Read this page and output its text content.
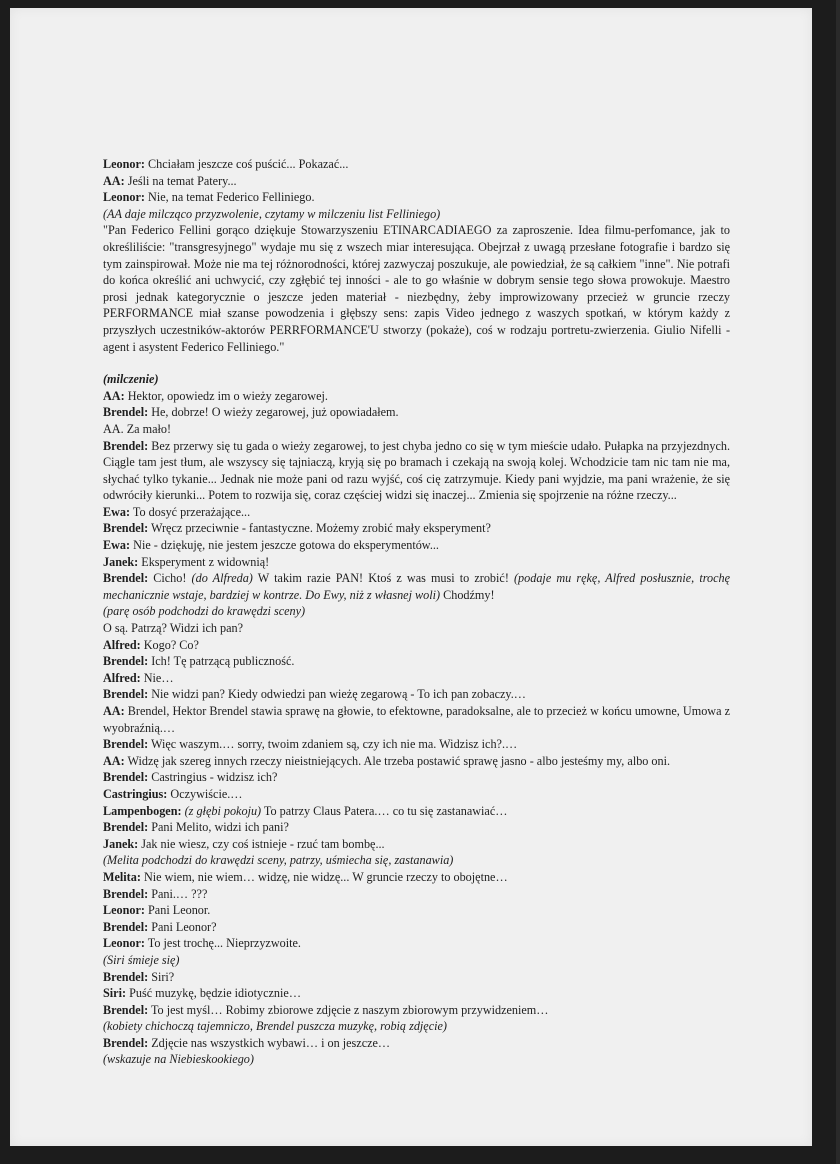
Leonor: Chciałam jeszcze coś puścić... Pokazać...

AA: Jeśli na temat Patery...

Leonor: Nie, na temat Federico Felliniego.

(AA daje milcząco przyzwolenie, czytamy w milczeniu list Felliniego)

"Pan Federico Fellini gorąco dziękuje Stowarzyszeniu ETINARCADIAEGO za zaproszenie. Idea filmu-perfomance, jak to określiliście: "transgresyjnego" wydaje mu się z wszech miar interesująca. Obejrzał z uwagą przesłane fotografie i bardzo się tym zainspirował. Może nie ma tej różnorodności, której zazwyczaj poszukuje, ale powiedział, że są całkiem "inne". Nie potrafi do końca określić ani uchwycić, czy zgłębić tej inności - ale to go właśnie w dobrym sensie tego słowa prowokuje. Maestro prosi jednak kategorycznie o jeszcze jeden materiał - niezbędny, żeby improwizowany przecież w gruncie rzeczy PERFORMANCE miał szanse powodzenia i głębszy sens: zapis Video jednego z waszych spotkań, w którym każdy z przyszłych uczestników-aktorów PERRFORMANCE'U stworzy (pokaże), coś w rodzaju portretu-zwierzenia. Giulio Nifelli - agent i asystent Federico Felliniego."

(milczenie)

AA: Hektor, opowiedz im o wieży zegarowej.

Brendel: He, dobrze! O wieży zegarowej, już opowiadałem.

AA. Za mało!

Brendel: Bez przerwy się tu gada o wieży zegarowej, to jest chyba jedno co się w tym mieście udało. Pułapka na przyjezdnych. Ciągle tam jest tłum, ale wszyscy się tajniaczą, kryją się po bramach i czekają na swoją kolej. Wchodzicie tam nic tam nie ma, słychać tylko tykanie... Jednak nie może pani od razu wyjść, coś cię zatrzymuje. Kiedy pani wyjdzie, ma pani wrażenie, że się odwróciły kierunki... Potem to rozwija się, coraz częściej widzi się inaczej... Zmienia się spojrzenie na różne rzeczy...

Ewa: To dosyć przerażające...

Brendel: Wręcz przeciwnie - fantastyczne. Możemy zrobić mały eksperyment?

Ewa: Nie - dziękuję, nie jestem jeszcze gotowa do eksperymentów...

Janek: Eksperyment z widownią!

Brendel: Cicho! (do Alfreda) W takim razie PAN! Ktoś z was musi to zrobić! (podaje mu rękę, Alfred posłusznie, trochę mechanicznie wstaje, bardziej w kontrze. Do Ewy, niż z własnej woli) Chodźmy!

(parę osób podchodzi do krawędzi sceny)

O są. Patrzą? Widzi ich pan?

Alfred: Kogo? Co?

Brendel: Ich! Tę patrzącą publiczność.

Alfred: Nie…

Brendel: Nie widzi pan? Kiedy odwiedzi pan wieżę zegarową - To ich pan zobaczy.…

AA: Brendel, Hektor Brendel stawia sprawę na głowie, to efektowne, paradoksalne, ale to przecież w końcu umowne, Umowa z wyobraźnią.…

Brendel: Więc waszym.… sorry, twoim zdaniem są, czy ich nie ma. Widzisz ich?.…

AA: Widzę jak szereg innych rzeczy nieistniejących. Ale trzeba postawić sprawę jasno - albo jesteśmy my, albo oni.

Brendel: Castringius - widzisz ich?

Castringius: Oczywiście.…

Lampenbogen: (z głębi pokoju) To patrzy Claus Patera.… co tu się zastanawiać…

Brendel: Pani Melito, widzi ich pani?

Janek: Jak nie wiesz, czy coś istnieje - rzuć tam bombę...

(Melita podchodzi do krawędzi sceny, patrzy, uśmiecha się, zastanawia)

Melita: Nie wiem, nie wiem… widzę, nie widzę... W gruncie rzeczy to obojętne…

Brendel: Pani.… ???

Leonor: Pani Leonor.

Brendel: Pani Leonor?

Leonor: To jest trochę... Nieprzyzwoite.

(Siri śmieje się)

Brendel: Siri?

Siri: Puść muzykę, będzie idiotycznie…

Brendel: To jest myśl… Robimy zbiorowe zdjęcie z naszym zbiorowym przywidzeniem…

(kobiety chichoczą tajemniczo, Brendel puszcza muzykę, robią zdjęcie)

Brendel: Zdjęcie nas wszystkich wybawi… i on jeszcze…

(wskazuje na Niebieskookiego)
